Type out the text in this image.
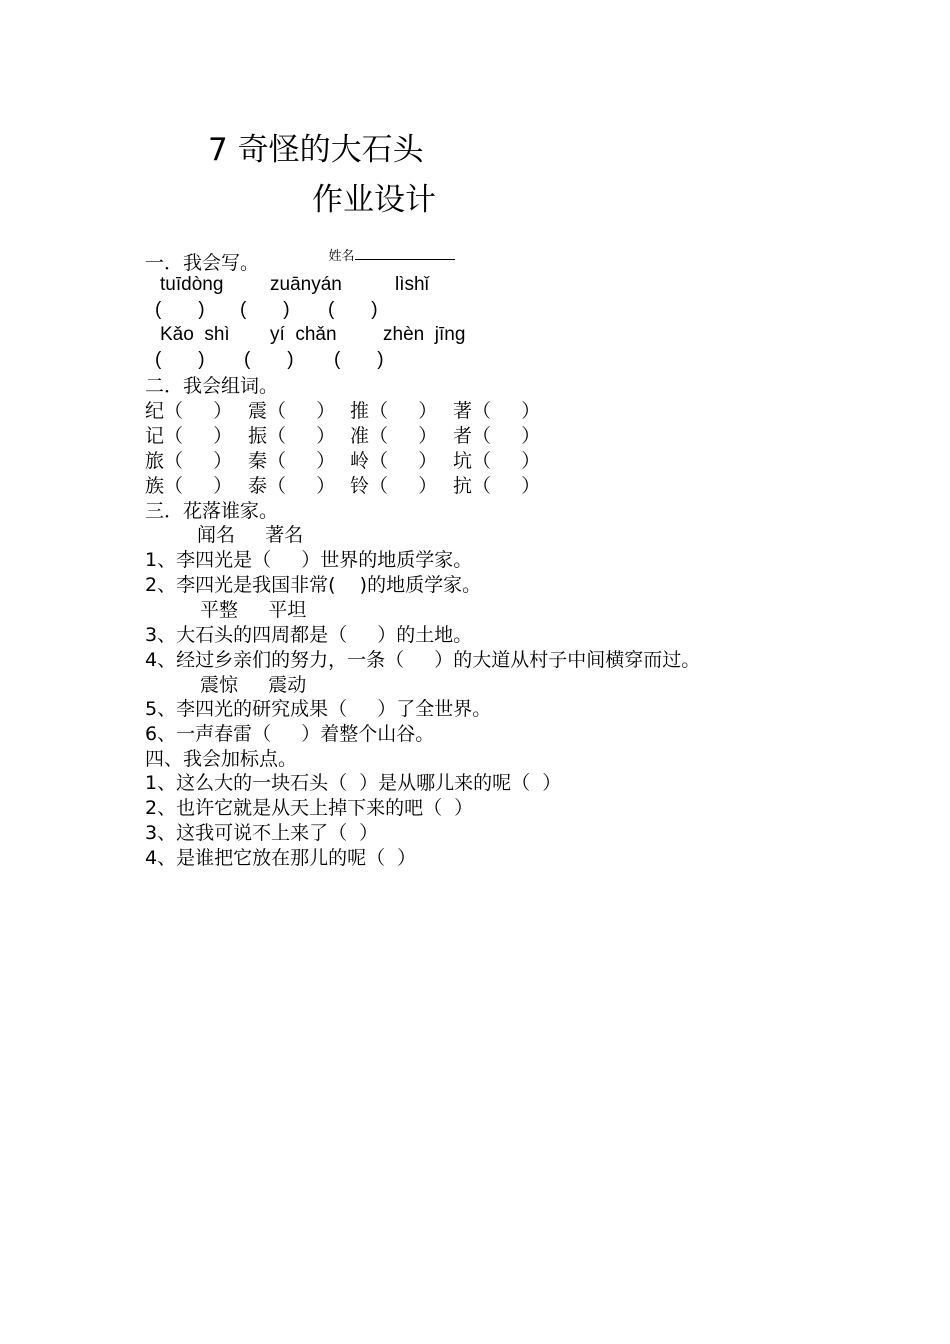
7 奇怪的大石头
作业设计

姓名

一．我会写。
tuīdòng zuānyán	lìshǐ
(       ) (       ) (       )
Kǎo  shì yí  chǎn zhèn  jīng
(       ) (       ) (       )
二．我会组词。
纪（     ） 震（     ） 推（     ） 著（     ）
记（     ） 振（     ） 准（     ） 者（     ）
旅（     ） 秦（     ） 岭（     ） 坑（     ）
族（     ） 泰（     ） 铃（     ） 抗（     ）
三．花落谁家。
闻名     著名
1、李四光是（     ）世界的地质学家。
2、李四光是我国非常(    )的地质学家。
平整     平坦
3、大石头的四周都是（     ）的土地。
4、经过乡亲们的努力，一条（     ）的大道从村子中间横穿而过。
震惊     震动
5、李四光的研究成果（     ）了全世界。
6、一声春雷（     ）着整个山谷。
四、我会加标点。
1、这么大的一块石头（  ）是从哪儿来的呢（  ）
2、也许它就是从天上掉下来的吧（  ）
3、这我可说不上来了（  ）
4、是谁把它放在那儿的呢（  ）
